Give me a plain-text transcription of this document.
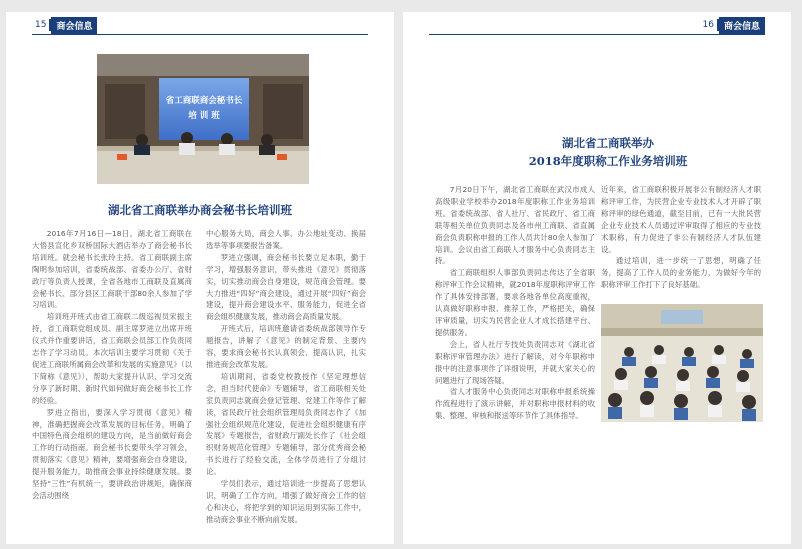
15	商会信息
省工商联商会秘书长
培 训 班
湖北省工商联举办商会秘书长培训班

2016年7月16日—18日，湖北省工商联在大悟县宣化乡双桥国际大酒店举办了商会秘书长培训班。就会秘书长张玲主持。省工商联副主席陶明参加培训，省委统战部、省委办公厅、省财政厅等负责人授课，全省各地市工商联及直属商会秘书长、部分县区工商联干部80余人参加了学习培训。

培训班开班式由省工商联二级巡视员宋振主持，省工商联党组成员、副主席罗进立出席开班仪式并作重要讲话，省工商联会员部工作负责同志作了学习动员。本次培训主要学习贯彻《关于促进工商联所属商会改革和发展的实施意见》（以下简称《意见》），帮助大家提升认识、学习交流分享了新时期、新时代如何做好商会秘书长工作的经验。

罗进立指出，要深入学习贯彻《意见》精神，准确把握商会改革发展的目标任务，明确了中国特色商会组织的建设方向，是当前做好商会工作的行动指南。商会秘书长要带头学习领会，贯彻落实《意见》精神，要增强商会自身建设，提升服务能力，助推商会事业持续健康发展。要坚持“三性”有机统一，要讲政治讲规矩，确保商会活动围绕

中心服务大局，商会人事、办公地址变动、换届选举等事项要报告备案。

罗进立强调，商会秘书长要立足本职，勤于学习，增强服务意识，带头推进《意见》贯彻落实，切实推动商会自身建设，规范商会管理。要大力推进“四好”商会建设，通过开展“四好”商会建设，提升商会建设水平、服务能力，促进全省商会组织健康发展，推动商会高质量发展。

开班式后，培训班邀请省委统战部领导作专题报告，讲解了《意见》的制定背景、主要内容，要求商会秘书长认真领会、提高认识，扎实推进商会改革发展。

培训期间，省委党校教授作《坚定理想信念，担当时代使命》专题辅导，省工商联相关处室负责同志就商会登记管理、党建工作等作了解读，省民政厅社会组织管理局负责同志作了《加强社会组织规范化建设，促进社会组织健康有序发展》专题报告，省财政厅副处长作了《社会组织财务规范化管理》专题辅导，部分优秀商会秘书长进行了经验交流，全体学员进行了分组讨论。

学员们表示，通过培训进一步提高了思想认识，明确了工作方向，增强了做好商会工作的信心和决心，将把学到的知识运用到实际工作中，推动商会事业不断向前发展。

16	商会信息
湖北省工商联举办
2018年度职称工作业务培训班

7月20日下午，湖北省工商联在武汉市成人高级职业学校举办2018年度职称工作业务培训班。省委统战部、省人社厅、省民政厅、省工商联等相关单位负责同志及各市州工商联、省直属商会负责职称申报的工作人员共计80余人参加了培训。会议由省工商联人才服务中心负责同志主持。

省工商联组织人事部负责同志传达了全省职称评审工作会议精神，就2018年度职称评审工作作了具体安排部署，要求各地各单位高度重视，认真做好职称申报、推荐工作，严格把关，确保评审质量，切实为民营企业人才成长搭建平台、提供服务。

会上，省人社厅专技处负责同志对《湖北省职称评审管理办法》进行了解读，对今年职称申报中的注意事项作了详细说明，并就大家关心的问题进行了现场答疑。

省人才服务中心负责同志对职称申报系统操作流程进行了演示讲解，并对职称申报材料的收集、整理、审核和报送等环节作了具体指导。

近年来，省工商联积极开展非公有制经济人才职称评审工作，为民营企业专业技术人才开辟了职称评审的绿色通道，截至目前，已有一大批民营企业专业技术人员通过评审取得了相应的专业技术职称，有力促进了非公有制经济人才队伍建设。

通过培训，进一步统一了思想，明确了任务，提高了工作人员的业务能力，为做好今年的职称评审工作打下了良好基础。
